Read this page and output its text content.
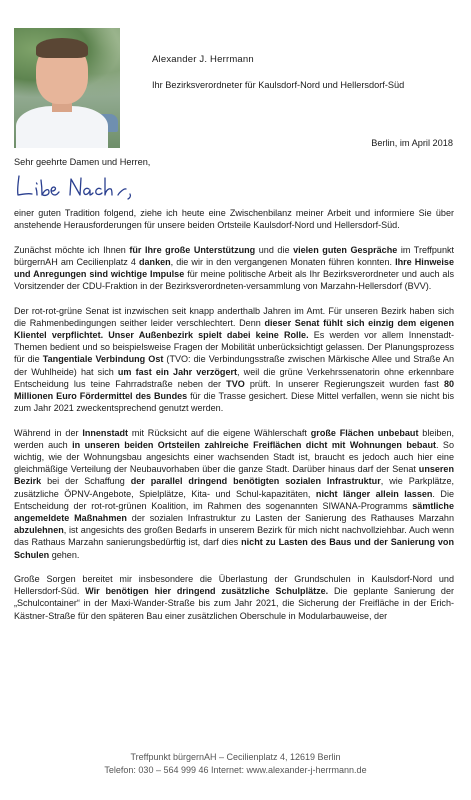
Alexander J. Herrmann
Ihr Bezirksverordneter für Kaulsdorf-Nord und Hellersdorf-Süd
Berlin, im April 2018
Sehr geehrte Damen und Herren,

einer guten Tradition folgend, ziehe ich heute eine Zwischenbilanz meiner Arbeit und informiere Sie über anstehende Herausforderungen für unsere beiden Ortsteile Kaulsdorf-Nord und Hellersdorf-Süd.

Zunächst möchte ich Ihnen für Ihre große Unterstützung und die vielen guten Gespräche im Treffpunkt bürgernAH am Cecilienplatz 4 danken, die wir in den vergangenen Monaten führen konnten. Ihre Hinweise und Anregungen sind wichtige Impulse für meine politische Arbeit als Ihr Bezirksverordneter und auch als Vorsitzender der CDU-Fraktion in der Bezirksverordneten-versammlung von Marzahn-Hellersdorf (BVV).

Der rot-rot-grüne Senat ist inzwischen seit knapp anderthalb Jahren im Amt. Für unseren Bezirk haben sich die Rahmenbedingungen seither leider verschlechtert. Denn dieser Senat fühlt sich einzig dem eigenen Klientel verpflichtet. Unser Außenbezirk spielt dabei keine Rolle. Es werden vor allem Innenstadt-Themen bedient und so beispielsweise Fragen der Mobilität unberücksichtigt gelassen. Der Planungsprozess für die Tangentiale Verbindung Ost (TVO: die Verbindungsstraße zwischen Märkische Allee und Straße An der Wuhlheide) hat sich um fast ein Jahr verzögert, weil die grüne Verkehrssenatorin ohne erkennbare Entscheidung lus teine Fahrradstraße neben der TVO prüft. In unserer Regierungszeit wurden fast 80 Millionen Euro Fördermittel des Bundes für die Trasse gesichert. Diese Mittel verfallen, wenn sie nicht bis zum Jahr 2021 zweckentsprechend genutzt werden.

Während in der Innenstadt mit Rücksicht auf die eigene Wählerschaft große Flächen unbebaut bleiben, werden auch in unseren beiden Ortsteilen zahlreiche Freiflächen dicht mit Wohnungen bebaut. So wichtig, wie der Wohnungsbau angesichts einer wachsenden Stadt ist, braucht es jedoch auch hier eine gleichmäßige Verteilung der Neubauvorhaben über die ganze Stadt. Darüber hinaus darf der Senat unseren Bezirk bei der Schaffung der parallel dringend benötigten sozialen Infrastruktur, wie Parkplätze, zusätzliche ÖPNV-Angebote, Spielplätze, Kita- und Schul-kapazitäten, nicht länger allein lassen. Die Entscheidung der rot-rot-grünen Koalition, im Rahmen des sogenannten SIWANA-Programms sämtliche angemeldete Maßnahmen der sozialen Infrastruktur zu Lasten der Sanierung des Rathauses Marzahn abzulehnen, ist angesichts des großen Bedarfs in unserem Bezirk für mich nicht nachvollziehbar. Auch wenn das Rathaus Marzahn sanierungsbedürftig ist, darf dies nicht zu Lasten des Baus und der Sanierung von Schulen gehen.

Große Sorgen bereitet mir insbesondere die Überlastung der Grundschulen in Kaulsdorf-Nord und Hellersdorf-Süd. Wir benötigen hier dringend zusätzliche Schulplätze. Die geplante Sanierung der „Schulcontainer“ in der Maxi-Wander-Straße bis zum Jahr 2021, die Sicherung der Freifläche in der Erich-Kästner-Straße für den späteren Bau einer zusätzlichen Oberschule in Modularbauweise, der

Treffpunkt bürgernAH – Cecilienplatz 4, 12619 Berlin
Telefon: 030 – 564 999 46 Internet: www.alexander-j-herrmann.de
